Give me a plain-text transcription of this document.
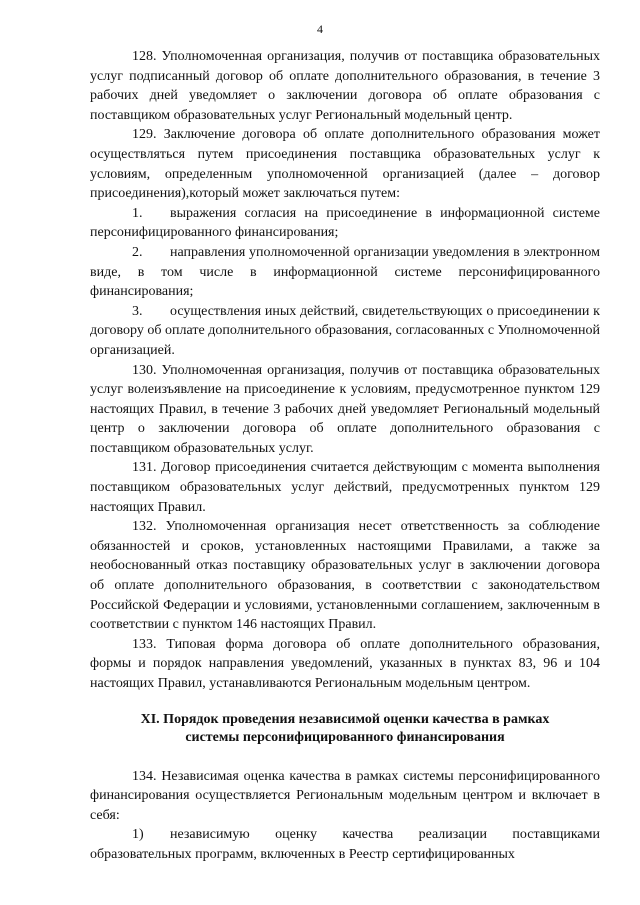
4

128. Уполномоченная организация, получив от поставщика образовательных услуг подписанный договор об оплате дополнительного образования, в течение 3 рабочих дней уведомляет о заключении договора об оплате образования с поставщиком образовательных услуг Региональный модельный центр.

129. Заключение договора об оплате дополнительного образования может осуществляться путем присоединения поставщика образовательных услуг к условиям, определенным уполномоченной организацией (далее – договор присоединения),который может заключаться путем:

1. выражения согласия на присоединение в информационной системе персонифицированного финансирования;

2. направления уполномоченной организации уведомления в электронном виде, в том числе в информационной системе персонифицированного финансирования;

3. осуществления иных действий, свидетельствующих о присоединении к договору об оплате дополнительного образования, согласованных с Уполномоченной организацией.

130. Уполномоченная организация, получив от поставщика образовательных услуг волеизъявление на присоединение к условиям, предусмотренное пунктом 129 настоящих Правил, в течение 3 рабочих дней уведомляет Региональный модельный центр о заключении договора об оплате дополнительного образования с поставщиком образовательных услуг.

131. Договор присоединения считается действующим с момента выполнения поставщиком образовательных услуг действий, предусмотренных пунктом 129 настоящих Правил.

132. Уполномоченная организация несет ответственность за соблюдение обязанностей и сроков, установленных настоящими Правилами, а также за необоснованный отказ поставщику образовательных услуг в заключении договора об оплате дополнительного образования, в соответствии с законодательством Российской Федерации и условиями, установленными соглашением, заключенным в соответствии с пунктом 146 настоящих Правил.

133. Типовая форма договора об оплате дополнительного образования, формы и порядок направления уведомлений, указанных в пунктах 83, 96 и 104 настоящих Правил, устанавливаются Региональным модельным центром.

XI. Порядок проведения независимой оценки качества в рамках
системы персонифицированного финансирования

134. Независимая оценка качества в рамках системы персонифицированного финансирования осуществляется Региональным модельным центром и включает в себя:

1) независимую оценку качества реализации поставщиками образовательных программ, включенных в Реестр сертифицированных
